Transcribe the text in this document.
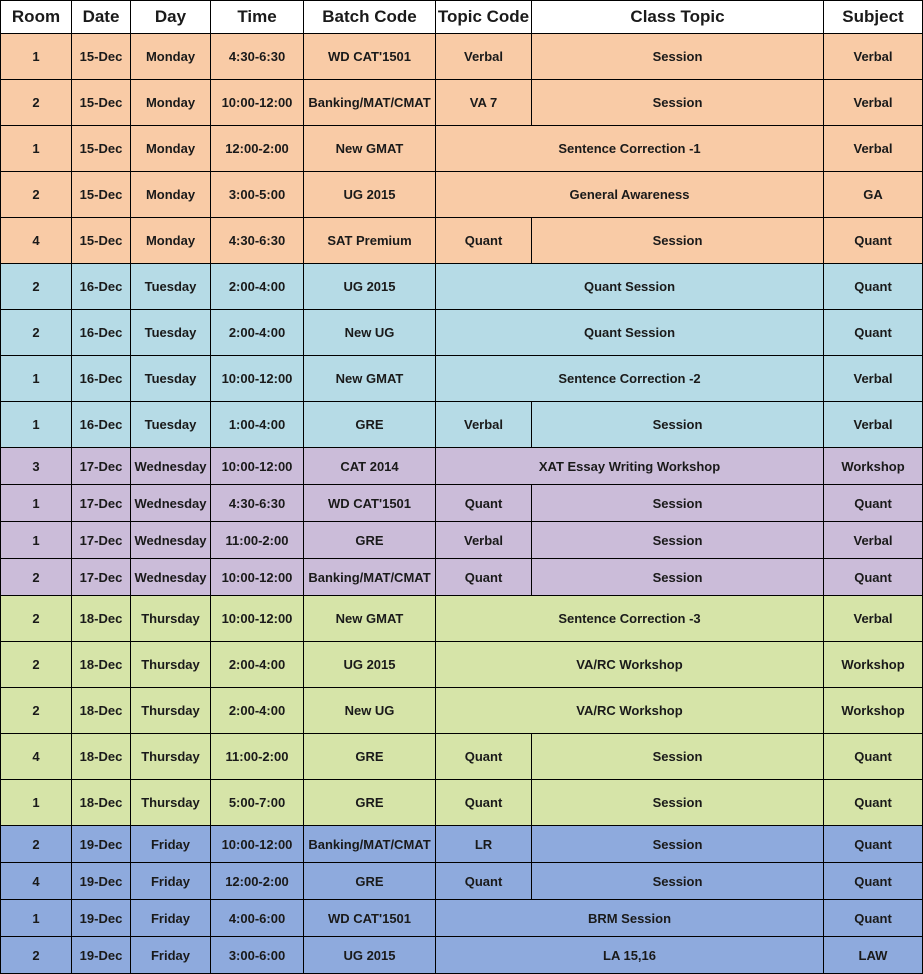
Room	Date	Day	Time	Batch Code	Topic Code	Class Topic	Subject
1	15-Dec	Monday	4:30-6:30	WD CAT'1501	Verbal	Session	Verbal
2	15-Dec	Monday	10:00-12:00	Banking/MAT/CMAT	VA 7	Session	Verbal
1	15-Dec	Monday	12:00-2:00	New GMAT	Sentence Correction -1		Verbal
2	15-Dec	Monday	3:00-5:00	UG 2015	General Awareness		GA
4	15-Dec	Monday	4:30-6:30	SAT Premium	Quant	Session	Quant
2	16-Dec	Tuesday	2:00-4:00	UG 2015	Quant Session		Quant
2	16-Dec	Tuesday	2:00-4:00	New UG	Quant Session		Quant
1	16-Dec	Tuesday	10:00-12:00	New GMAT	Sentence Correction -2		Verbal
1	16-Dec	Tuesday	1:00-4:00	GRE	Verbal	Session	Verbal
3	17-Dec	Wednesday	10:00-12:00	CAT 2014	XAT Essay Writing Workshop		Workshop
1	17-Dec	Wednesday	4:30-6:30	WD CAT'1501	Quant	Session	Quant
1	17-Dec	Wednesday	11:00-2:00	GRE	Verbal	Session	Verbal
2	17-Dec	Wednesday	10:00-12:00	Banking/MAT/CMAT	Quant	Session	Quant
2	18-Dec	Thursday	10:00-12:00	New GMAT	Sentence Correction -3		Verbal
2	18-Dec	Thursday	2:00-4:00	UG 2015	VA/RC Workshop		Workshop
2	18-Dec	Thursday	2:00-4:00	New UG	VA/RC Workshop		Workshop
4	18-Dec	Thursday	11:00-2:00	GRE	Quant	Session	Quant
1	18-Dec	Thursday	5:00-7:00	GRE	Quant	Session	Quant
2	19-Dec	Friday	10:00-12:00	Banking/MAT/CMAT	LR	Session	Quant
4	19-Dec	Friday	12:00-2:00	GRE	Quant	Session	Quant
1	19-Dec	Friday	4:00-6:00	WD CAT'1501	BRM Session		Quant
2	19-Dec	Friday	3:00-6:00	UG 2015	LA 15,16		LAW
